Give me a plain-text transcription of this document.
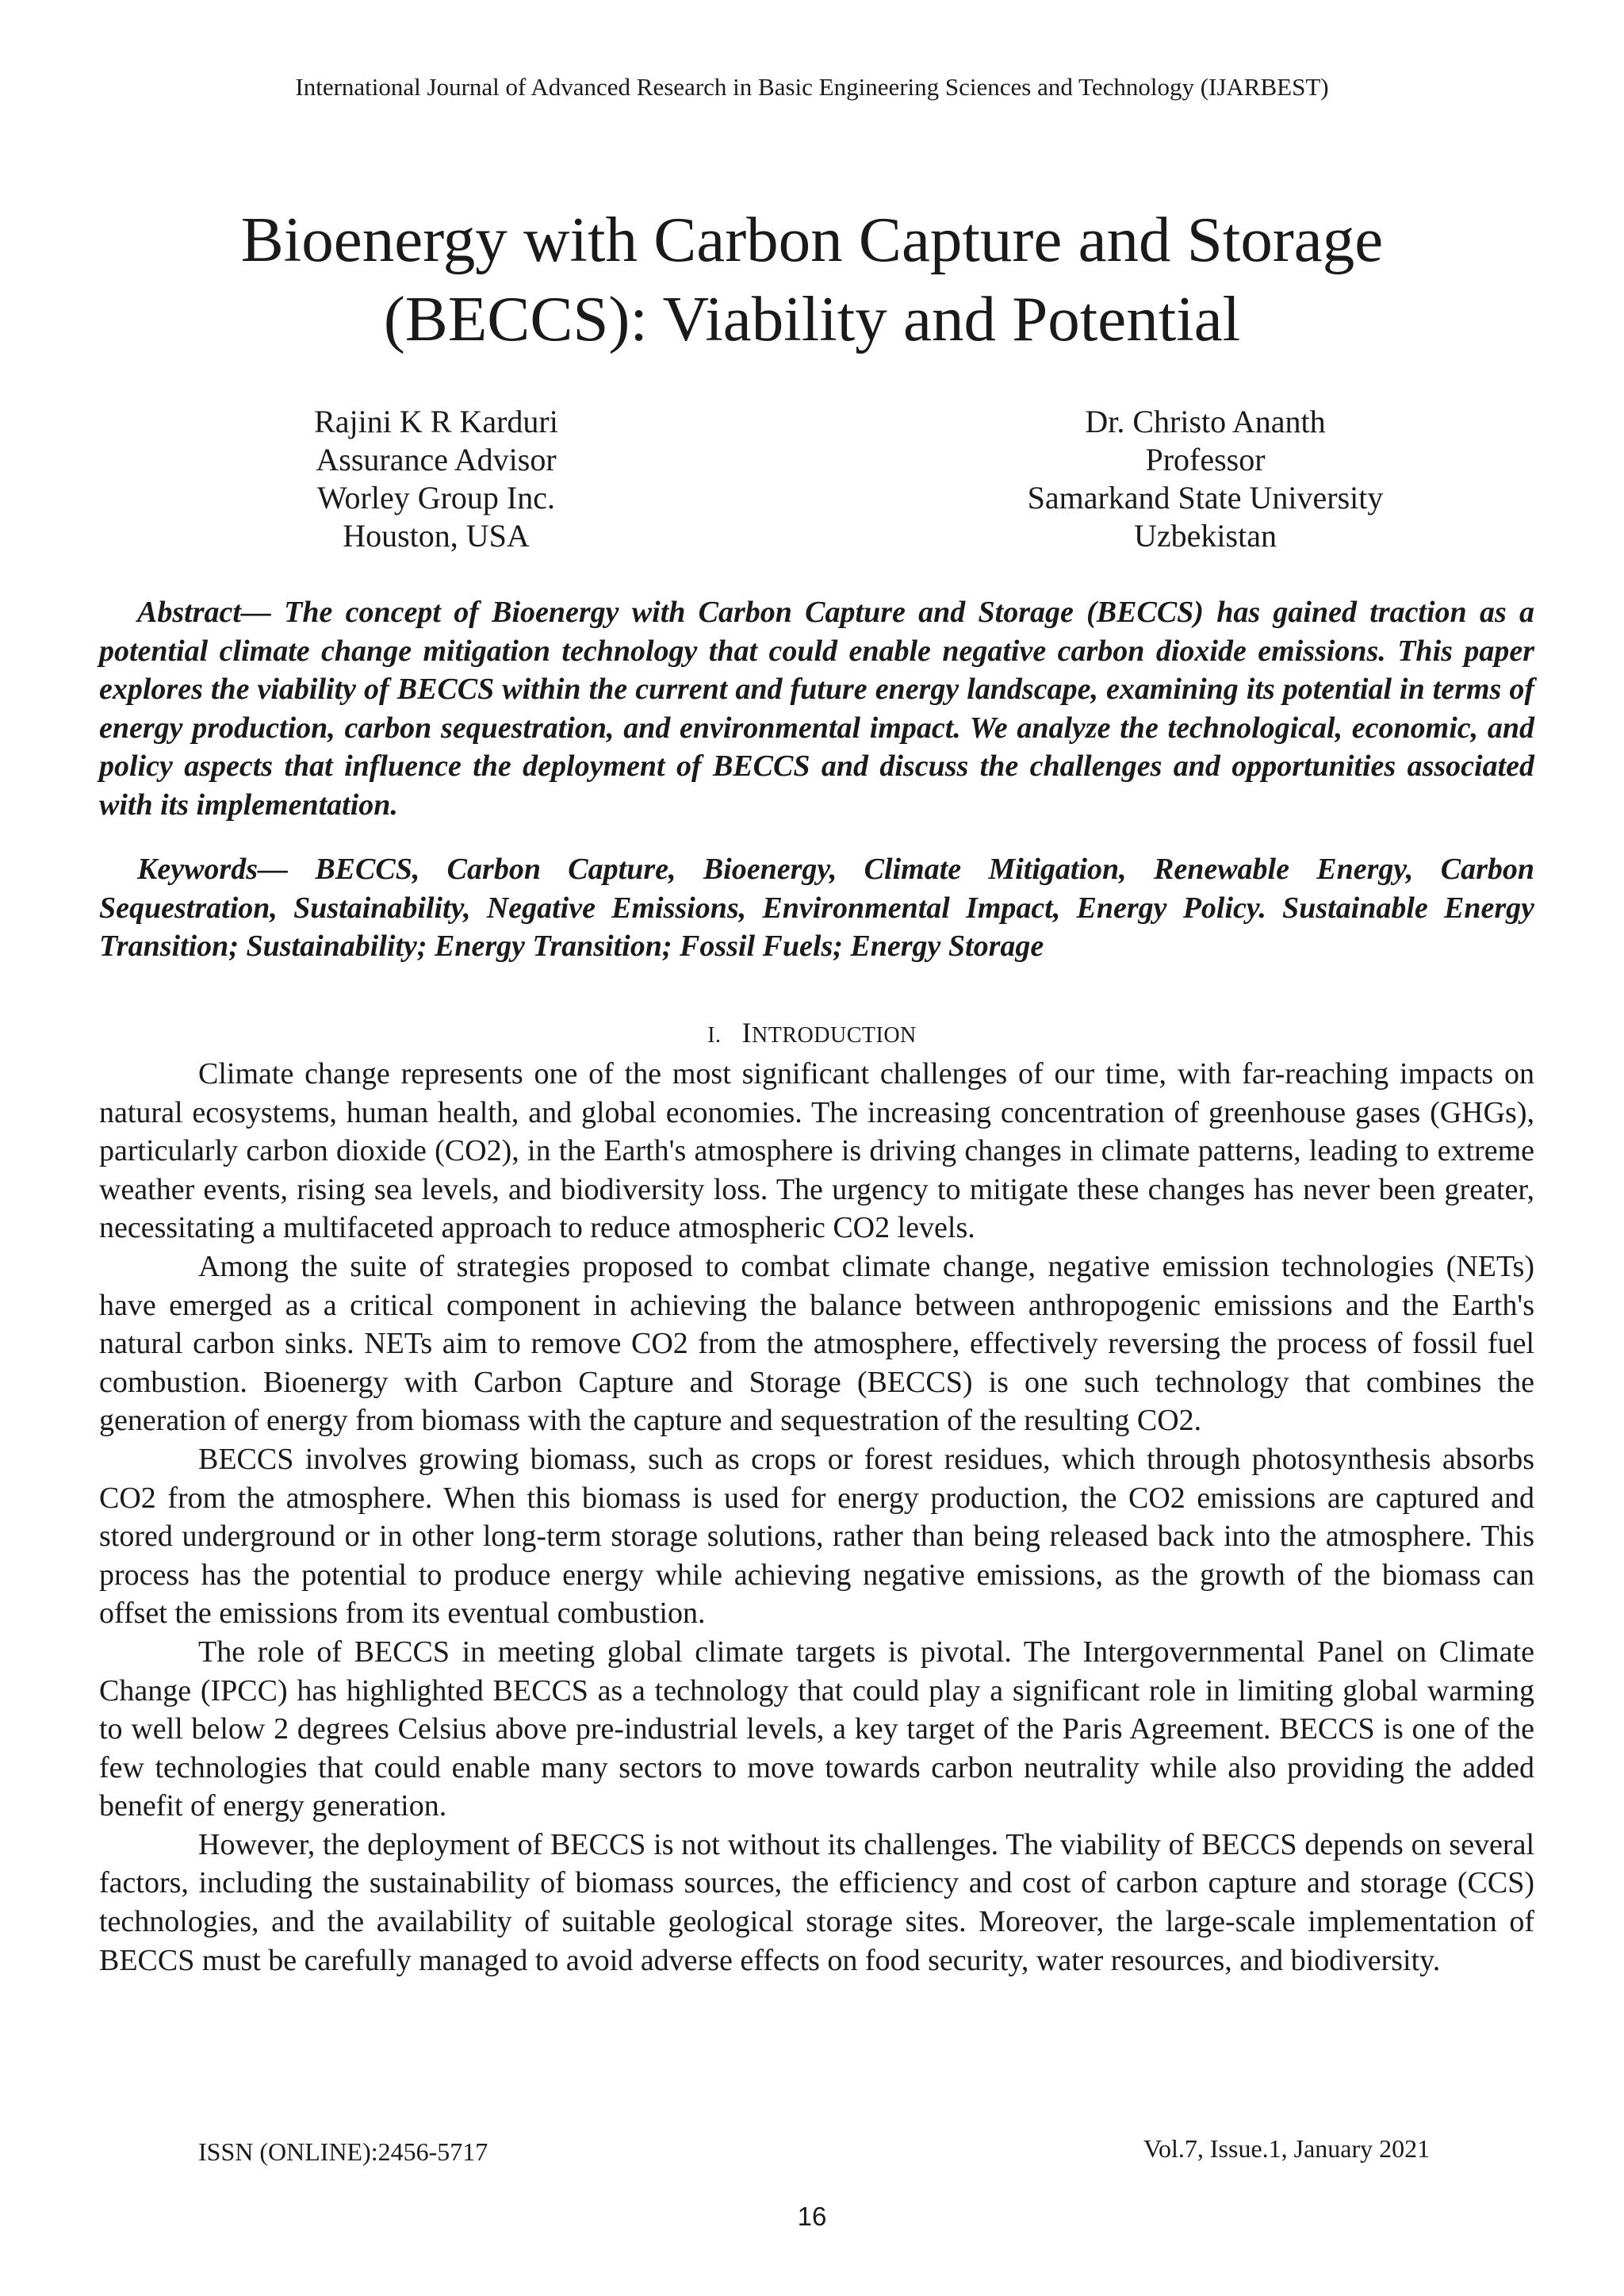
International Journal of Advanced Research in Basic Engineering Sciences and Technology (IJARBEST)
Bioenergy with Carbon Capture and Storage
(BECCS): Viability and Potential
Rajini K R Karduri
Assurance Advisor
Worley Group Inc.
Houston, USA
Dr. Christo Ananth
Professor
Samarkand State University
Uzbekistan

Abstract— The concept of Bioenergy with Carbon Capture and Storage (BECCS) has gained traction as a potential climate change mitigation technology that could enable negative carbon dioxide emissions. This paper explores the viability of BECCS within the current and future energy landscape, examining its potential in terms of energy production, carbon sequestration, and environmental impact. We analyze the technological, economic, and policy aspects that influence the deployment of BECCS and discuss the challenges and opportunities associated with its implementation.

Keywords— BECCS, Carbon Capture, Bioenergy, Climate Mitigation, Renewable Energy, Carbon Sequestration, Sustainability, Negative Emissions, Environmental Impact, Energy Policy. Sustainable Energy Transition; Sustainability; Energy Transition; Fossil Fuels; Energy Storage

I. INTRODUCTION

Climate change represents one of the most significant challenges of our time, with far-reaching impacts on natural ecosystems, human health, and global economies. The increasing concentration of greenhouse gases (GHGs), particularly carbon dioxide (CO2), in the Earth's atmosphere is driving changes in climate patterns, leading to extreme weather events, rising sea levels, and biodiversity loss. The urgency to mitigate these changes has never been greater, necessitating a multifaceted approach to reduce atmospheric CO2 levels.

Among the suite of strategies proposed to combat climate change, negative emission technologies (NETs) have emerged as a critical component in achieving the balance between anthropogenic emissions and the Earth's natural carbon sinks. NETs aim to remove CO2 from the atmosphere, effectively reversing the process of fossil fuel combustion. Bioenergy with Carbon Capture and Storage (BECCS) is one such technology that combines the generation of energy from biomass with the capture and sequestration of the resulting CO2.

BECCS involves growing biomass, such as crops or forest residues, which through photosynthesis absorbs CO2 from the atmosphere. When this biomass is used for energy production, the CO2 emissions are captured and stored underground or in other long-term storage solutions, rather than being released back into the atmosphere. This process has the potential to produce energy while achieving negative emissions, as the growth of the biomass can offset the emissions from its eventual combustion.

The role of BECCS in meeting global climate targets is pivotal. The Intergovernmental Panel on Climate Change (IPCC) has highlighted BECCS as a technology that could play a significant role in limiting global warming to well below 2 degrees Celsius above pre-industrial levels, a key target of the Paris Agreement. BECCS is one of the few technologies that could enable many sectors to move towards carbon neutrality while also providing the added benefit of energy generation.

However, the deployment of BECCS is not without its challenges. The viability of BECCS depends on several factors, including the sustainability of biomass sources, the efficiency and cost of carbon capture and storage (CCS) technologies, and the availability of suitable geological storage sites. Moreover, the large-scale implementation of BECCS must be carefully managed to avoid adverse effects on food security, water resources, and biodiversity.

ISSN (ONLINE):2456-5717	Vol.7, Issue.1, January 2021
16
